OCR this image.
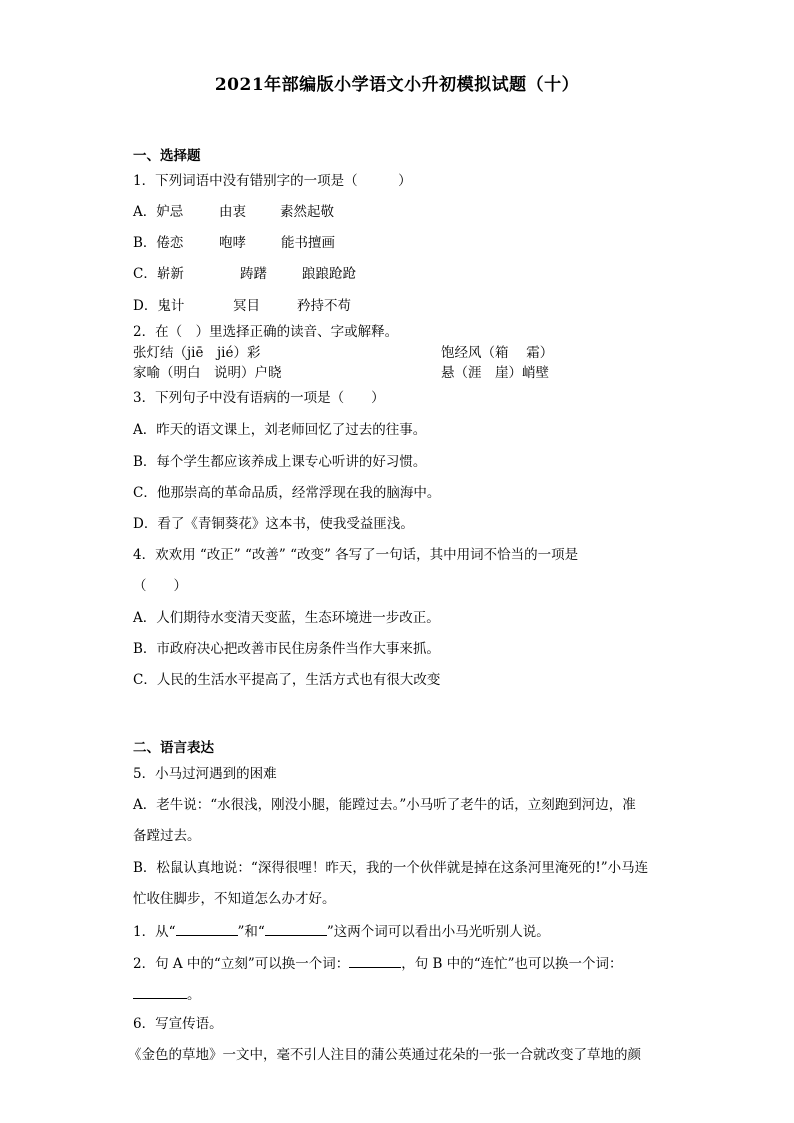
2021年部编版小学语文小升初模拟试题（十）
一、选择题
1．下列词语中没有错别字的一项是（　　　）
A．妒忌	由衷	素然起敬
B．倦恋	咆哮	能书擅画
C．崭新	踌躇	踉踉跄跄
D．鬼计	冥目	矜持不苟
2．在（　）里选择正确的读音、字或解释。
张灯结（jiē　jié）彩	饱经风（箱　 霜）
家喻（明白　说明）户晓	悬（涯　崖）峭壁
3．下列句子中没有语病的一项是（　　）
A．昨天的语文课上，刘老师回忆了过去的往事。
B．每个学生都应该养成上课专心听讲的好习惯。
C．他那崇高的革命品质，经常浮现在我的脑海中。
D．看了《青铜葵花》这本书，使我受益匪浅。
4．欢欢用 “改正” “改善” “改变” 各写了一句话，其中用词不恰当的一项是
（　　）
A．人们期待水变清天变蓝，生态环境进一步改正。
B．市政府决心把改善市民住房条件当作大事来抓。
C．人民的生活水平提高了，生活方式也有很大改变
二、语言表达
5．小马过河遇到的困难
A．老牛说：“水很浅，刚没小腿，能蹚过去。”小马听了老牛的话，立刻跑到河边，准
备蹚过去。
B．松鼠认真地说：“深得很哩！昨天，我的一个伙伴就是掉在这条河里淹死的!”小马连
忙收住脚步，不知道怎么办才好。
1．从“	”和“	”这两个词可以看出小马光听别人说。
2．句 A 中的“立刻”可以换一个词：	，句 B 中的“连忙”也可以换一个词：
。
6．写宣传语。
《金色的草地》一文中，毫不引人注目的蒲公英通过花朵的一张一合就改变了草地的颜
